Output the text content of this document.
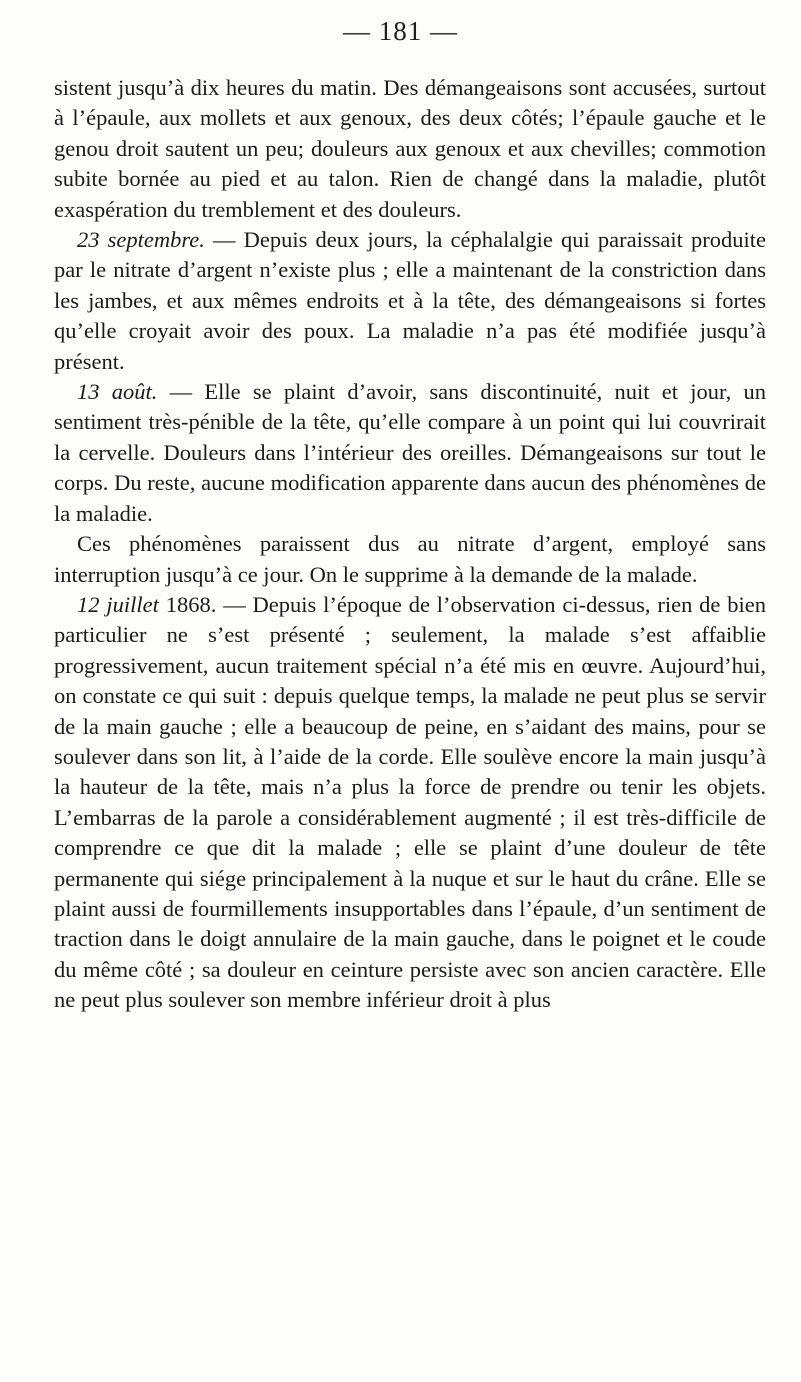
— 181 —

sistent jusqu’à dix heures du matin. Des démangeaisons sont accusées, surtout à l’épaule, aux mollets et aux genoux, des deux côtés; l’épaule gauche et le genou droit sautent un peu; douleurs aux genoux et aux chevilles; commotion subite bornée au pied et au talon. Rien de changé dans la maladie, plutôt exaspération du tremblement et des douleurs.

23 septembre. — Depuis deux jours, la céphalalgie qui paraissait produite par le nitrate d’argent n’existe plus ; elle a maintenant de la constriction dans les jambes, et aux mêmes endroits et à la tête, des démangeaisons si fortes qu’elle croyait avoir des poux. La maladie n’a pas été modifiée jusqu’à présent.

13 août. — Elle se plaint d’avoir, sans discontinuité, nuit et jour, un sentiment très-pénible de la tête, qu’elle compare à un point qui lui couvrirait la cervelle. Douleurs dans l’intérieur des oreilles. Démangeaisons sur tout le corps. Du reste, aucune modification apparente dans aucun des phénomènes de la maladie.

Ces phénomènes paraissent dus au nitrate d’argent, employé sans interruption jusqu’à ce jour. On le supprime à la demande de la malade.

12 juillet 1868. — Depuis l’époque de l’observation ci-dessus, rien de bien particulier ne s’est présenté ; seulement, la malade s’est affaiblie progressivement, aucun traitement spécial n’a été mis en œuvre. Aujourd’hui, on constate ce qui suit : depuis quelque temps, la malade ne peut plus se servir de la main gauche ; elle a beaucoup de peine, en s’aidant des mains, pour se soulever dans son lit, à l’aide de la corde. Elle soulève encore la main jusqu’à la hauteur de la tête, mais n’a plus la force de prendre ou tenir les objets. L’embarras de la parole a considérablement augmenté ; il est très-difficile de comprendre ce que dit la malade ; elle se plaint d’une douleur de tête permanente qui siége principalement à la nuque et sur le haut du crâne. Elle se plaint aussi de fourmillements insupportables dans l’épaule, d’un sentiment de traction dans le doigt annulaire de la main gauche, dans le poignet et le coude du même côté ; sa douleur en ceinture persiste avec son ancien caractère. Elle ne peut plus soulever son membre inférieur droit à plus
